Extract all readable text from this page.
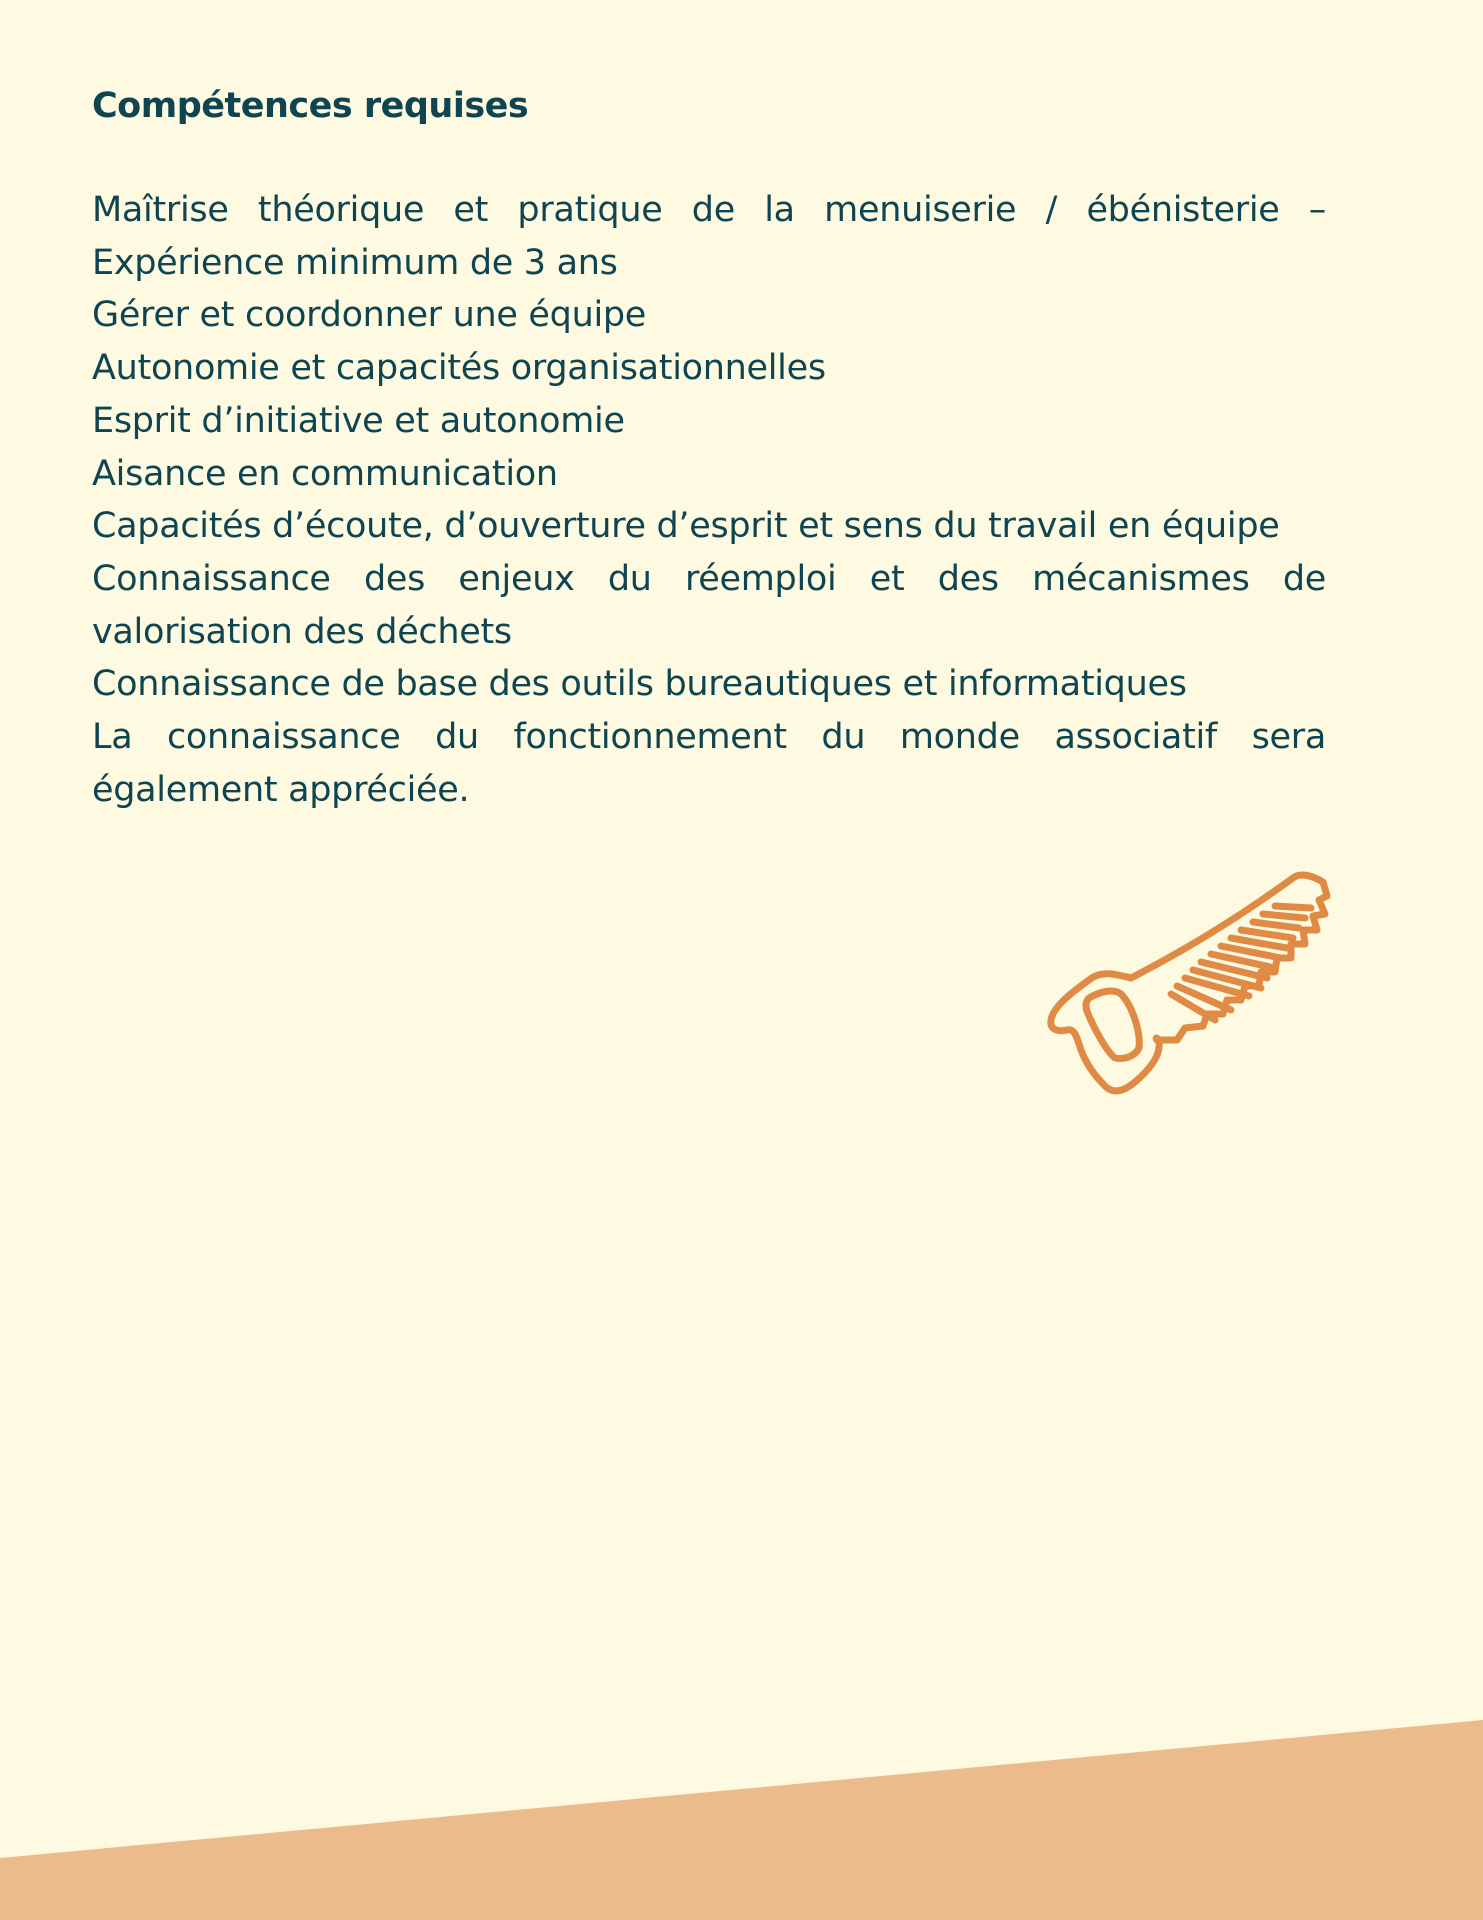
Compétences requises
Maîtrise théorique et pratique de la menuiserie / ébénisterie – Expérience minimum de 3 ans
Gérer et coordonner une équipe
Autonomie et capacités organisationnelles
Esprit d’initiative et autonomie
Aisance en communication
Capacités d’écoute, d’ouverture d’esprit et sens du travail en équipe
Connaissance des enjeux du réemploi et des mécanismes de valorisation des déchets
Connaissance de base des outils bureautiques et informatiques
La connaissance du fonctionnement du monde associatif sera également appréciée.
